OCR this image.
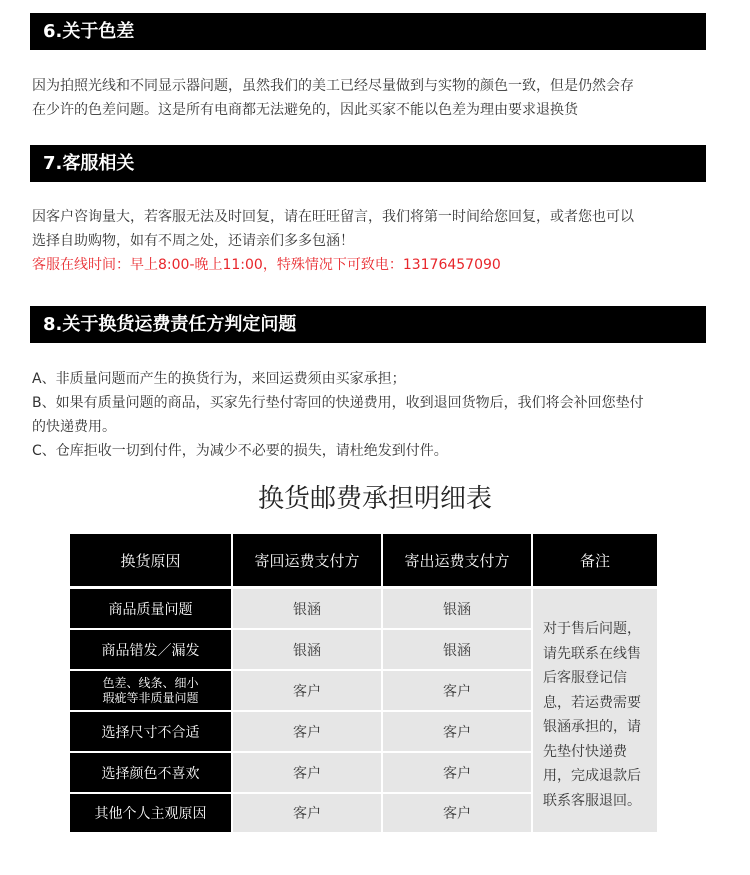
6.关于色差
因为拍照光线和不同显示器问题，虽然我们的美工已经尽量做到与实物的颜色一致，但是仍然会存
在少许的色差问题。这是所有电商都无法避免的，因此买家不能以色差为理由要求退换货
7.客服相关
因客户咨询量大，若客服无法及时回复，请在旺旺留言，我们将第一时间给您回复，或者您也可以
选择自助购物，如有不周之处，还请亲们多多包涵！
客服在线时间：早上8:00-晚上11:00，特殊情况下可致电：13176457090
8.关于换货运费责任方判定问题
A、非质量问题而产生的换货行为，来回运费须由买家承担；
B、如果有质量问题的商品，买家先行垫付寄回的快递费用，收到退回货物后，我们将会补回您垫付
的快递费用。
C、仓库拒收一切到付件，为减少不必要的损失，请杜绝发到付件。
换货邮费承担明细表
换货原因	寄回运费支付方	寄出运费支付方	备注
商品质量问题	银涵	银涵
商品错发／漏发	银涵	银涵
色差、线条、细小
瑕疵等非质量问题	客户	客户
选择尺寸不合适	客户	客户
选择颜色不喜欢	客户	客户
其他个人主观原因	客户	客户
对于售后问题，请先联系在线售后客服登记信息，若运费需要银涵承担的，请先垫付快递费用，完成退款后联系客服退回。
